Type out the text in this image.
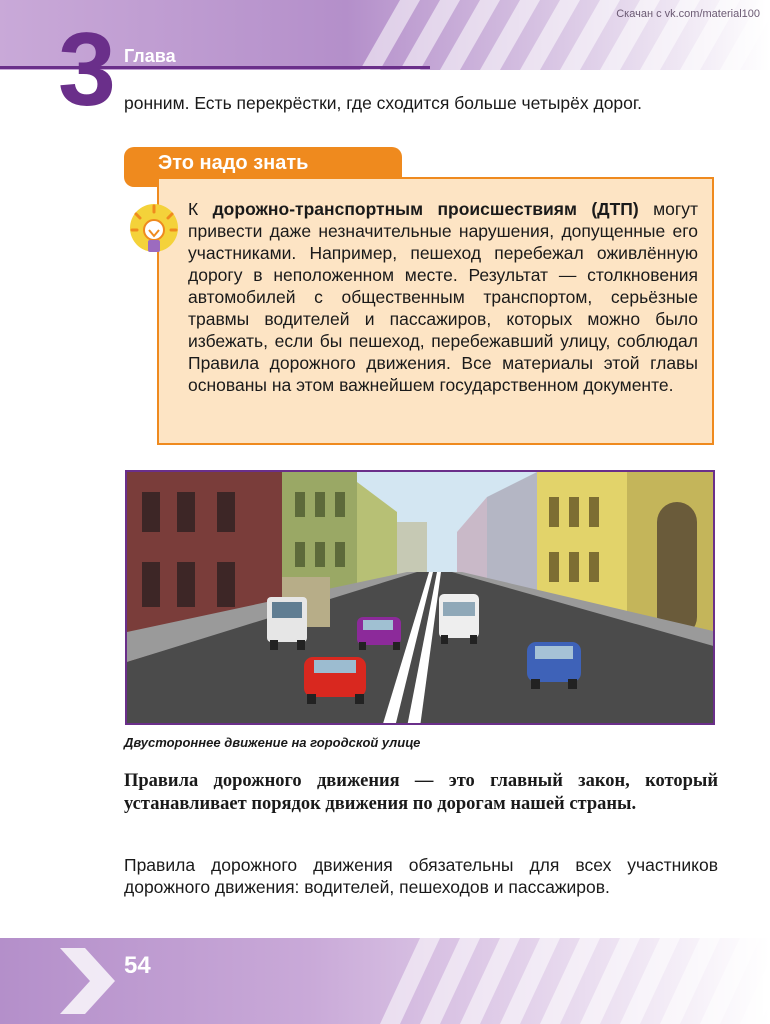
Скачан с vk.com/material100
3 Глава
ронним. Есть перекрёстки, где сходится больше четырёх дорог.
Это надо знать
К дорожно-транспортным происшествиям (ДТП) могут привести даже незначительные нарушения, допущенные его участниками. Например, пешеход перебежал оживлённую дорогу в неположенном месте. Результат — столкновения автомобилей с общественным транспортом, серьёзные травмы водителей и пассажиров, которых можно было избежать, если бы пешеход, перебежавший улицу, соблюдал Правила дорожного движения. Все материалы этой главы основаны на этом важнейшем государственном документе.
Двустороннее движение на городской улице
Правила дорожного движения — это главный закон, который устанавливает порядок движения по дорогам нашей страны.
Правила дорожного движения обязательны для всех участников дорожного движения: водителей, пешеходов и пассажиров.
54
